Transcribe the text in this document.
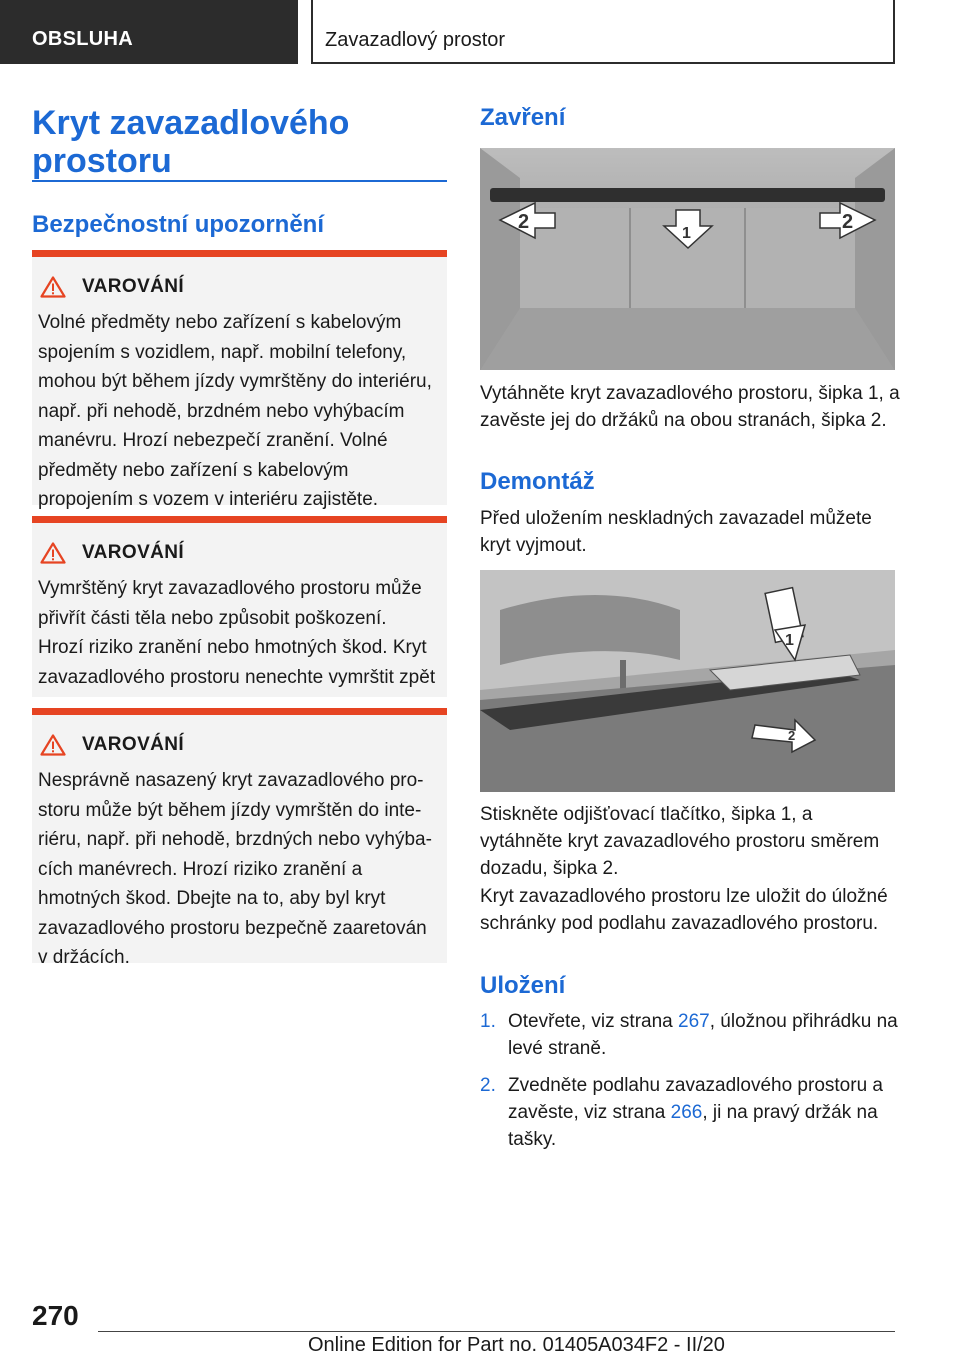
OBSLUHA	Zavazadlový prostor
Kryt zavazadlového prostoru
Bezpečnostní upozornění
VAROVÁNÍ
Volné předměty nebo zařízení s kabelovým spojením s vozidlem, např. mobilní telefony, mohou být během jízdy vymrštěny do interiéru, např. při nehodě, brzdném nebo vyhýbacím manévru. Hrozí nebezpečí zranění. Volné předměty nebo zařízení s kabelovým propojením s vozem v interiéru zajistěte.
VAROVÁNÍ
Vymrštěný kryt zavazadlového prostoru může přivřít části těla nebo způsobit poškození. Hrozí riziko zranění nebo hmotných škod. Kryt zavazadlového prostoru nenechte vymrštit zpět
VAROVÁNÍ
Nesprávně nasazený kryt zavazadlového prostoru může být během jízdy vymrštěn do interiéru, např. při nehodě, brzdných nebo vyhýbacích manévrech. Hrozí riziko zranění a hmotných škod. Dbejte na to, aby byl kryt zavazadlového prostoru bezpečně zaaretován v držácích.
Zavření
2	2
1

Vytáhněte kryt zavazadlového prostoru, šipka 1, a zavěste jej do držáků na obou stranách, šipka 2.

Demontáž

Před uložením neskladných zavazadel můžete kryt vyjmout.

1
2

Stiskněte odjišťovací tlačítko, šipka 1, a vytáhněte kryt zavazadlového prostoru směrem dozadu, šipka 2.

Kryt zavazadlového prostoru lze uložit do úložné schránky pod podlahu zavazadlového prostoru.

Uložení
1. Otevřete, viz strana 267, úložnou přihrádku na levé straně.
2. Zvedněte podlahu zavazadlového prostoru a zavěste, viz strana 266, ji na pravý držák na tašky.
270
Online Edition for Part no. 01405A034F2 - II/20
